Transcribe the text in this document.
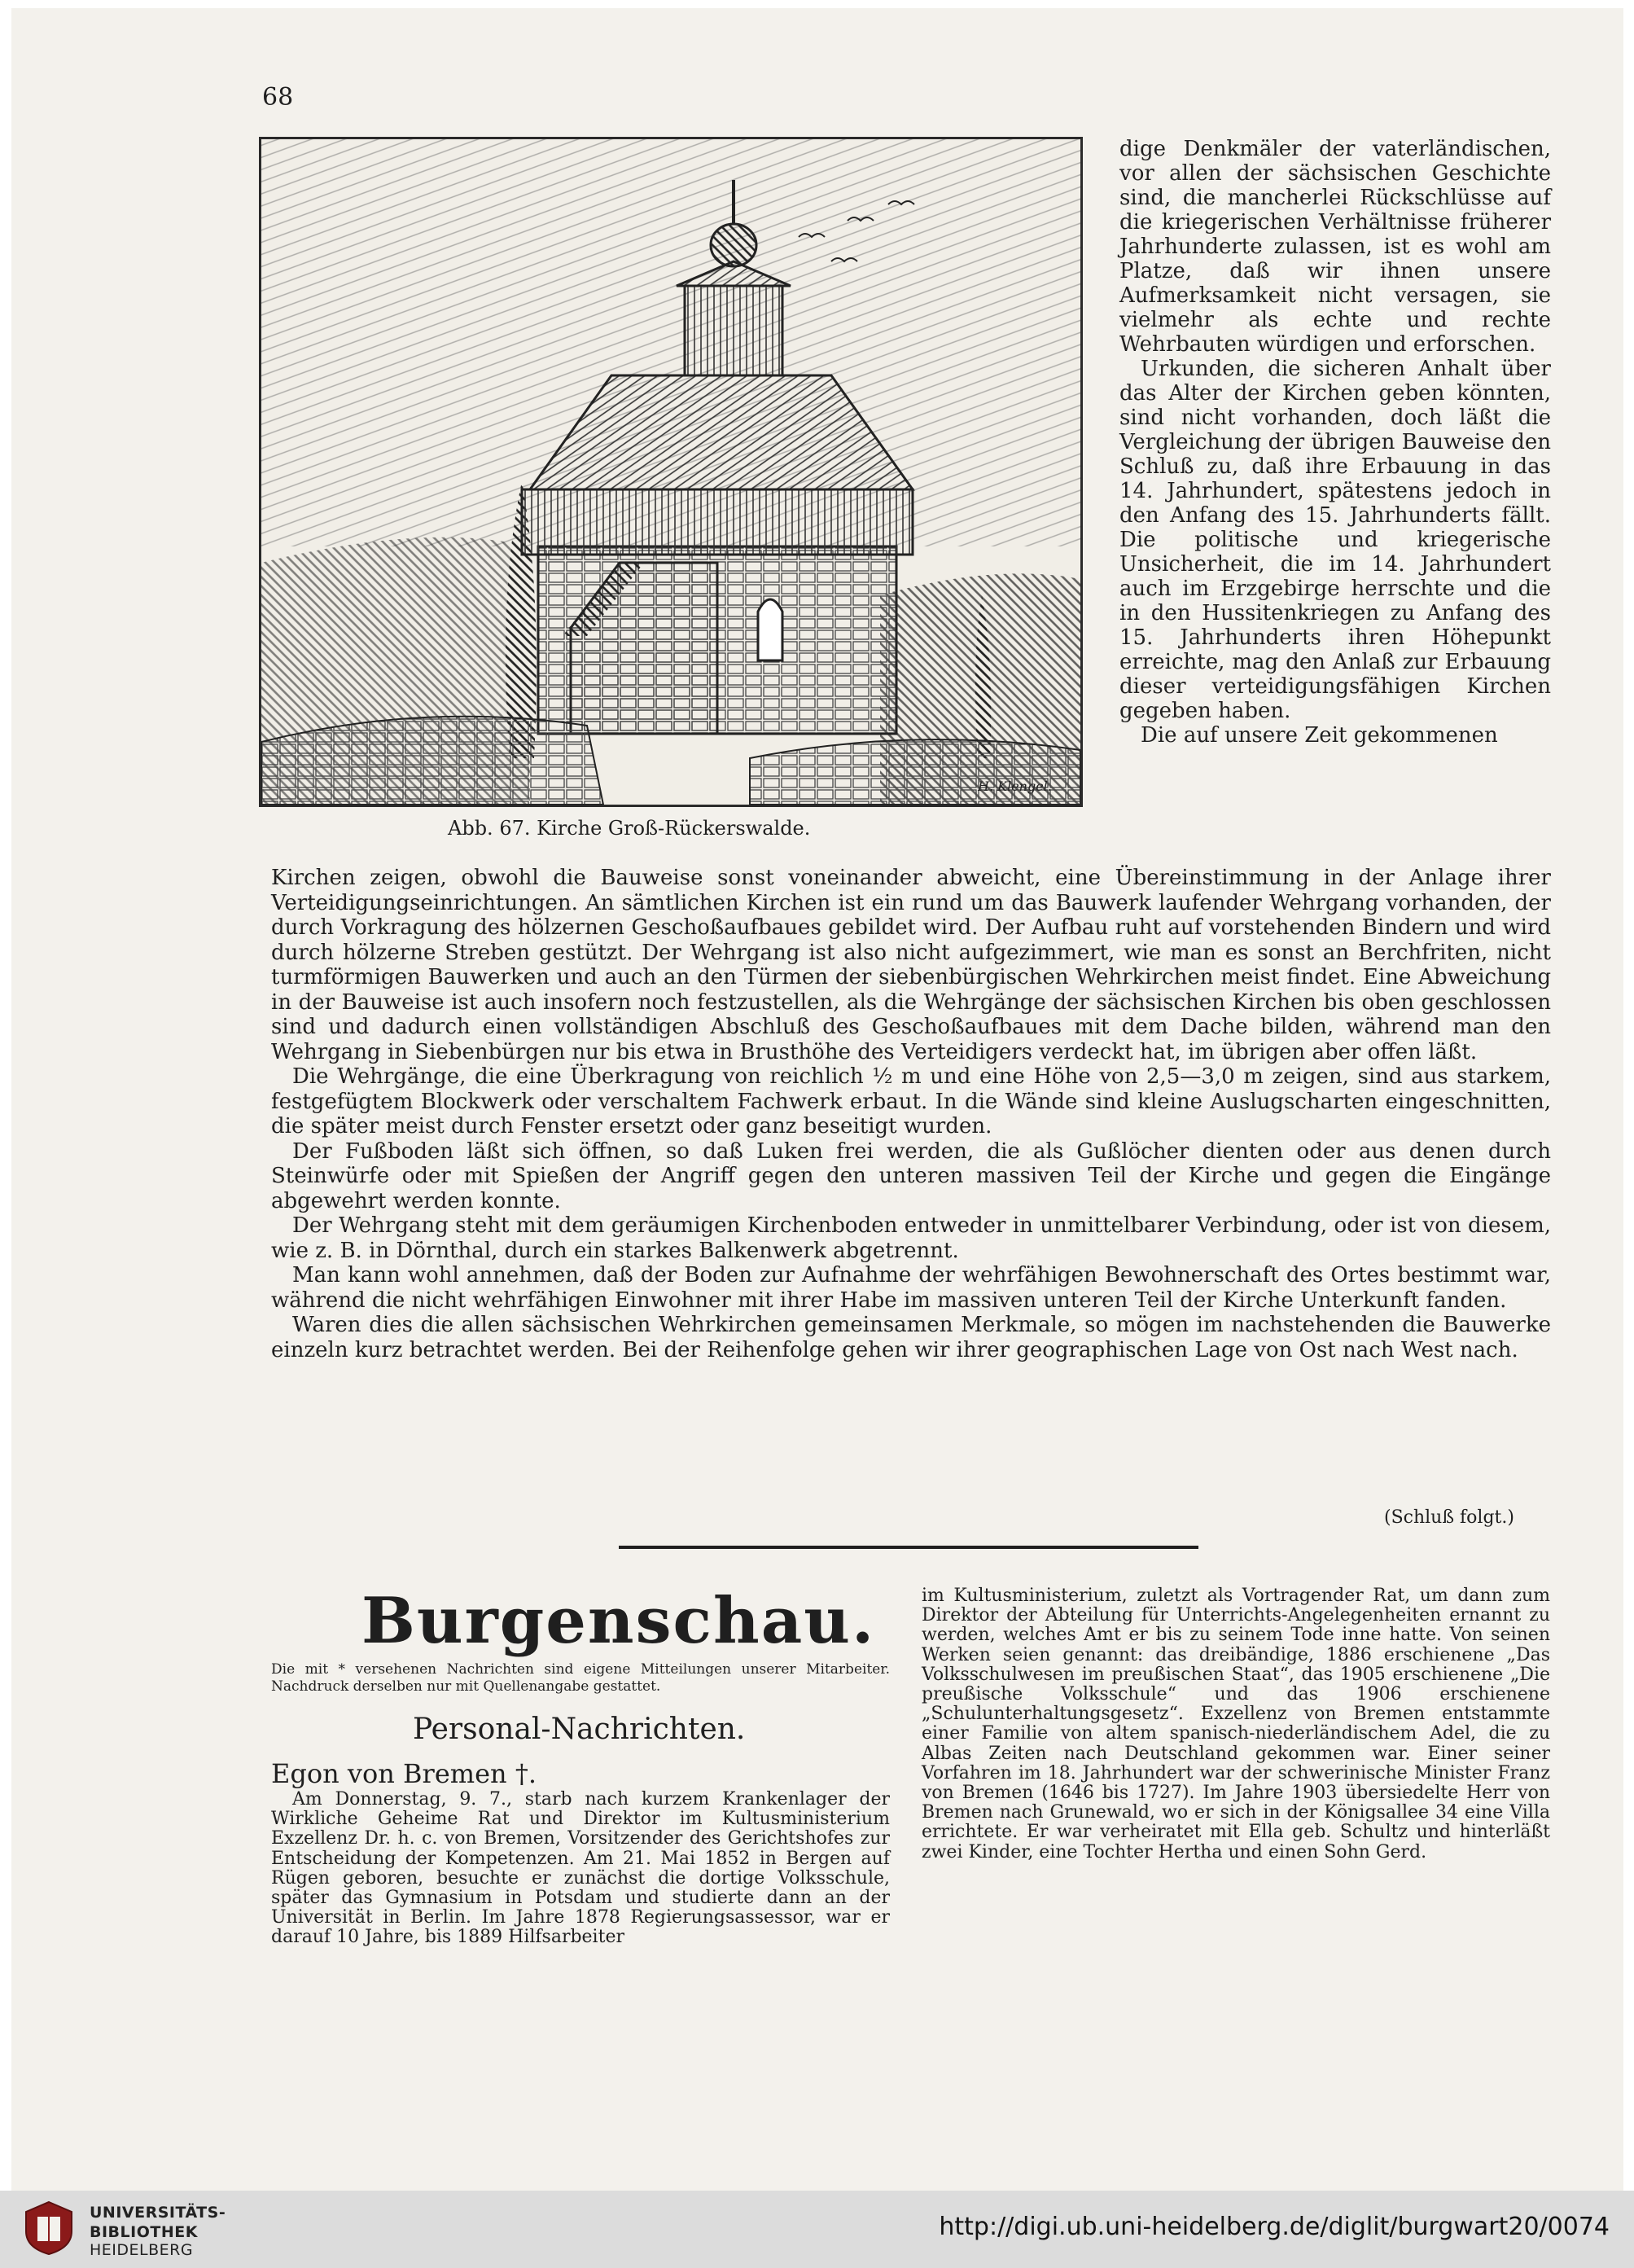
68
H. Klengel.
Abb. 67. Kirche Groß-Rückerswalde.

dige Denkmäler der vaterländischen, vor allen der sächsischen Geschichte sind, die mancherlei Rückschlüsse auf die kriegerischen Verhältnisse früherer Jahrhunderte zulassen, ist es wohl am Platze, daß wir ihnen unsere Aufmerksamkeit nicht versagen, sie vielmehr als echte und rechte Wehrbauten würdigen und erforschen.

Urkunden, die sicheren Anhalt über das Alter der Kirchen geben könnten, sind nicht vorhanden, doch läßt die Vergleichung der übrigen Bauweise den Schluß zu, daß ihre Erbauung in das 14. Jahrhundert, spätestens jedoch in den Anfang des 15. Jahrhunderts fällt. Die politische und kriegerische Unsicherheit, die im 14. Jahrhundert auch im Erzgebirge herrschte und die in den Hussitenkriegen zu Anfang des 15. Jahrhunderts ihren Höhepunkt erreichte, mag den Anlaß zur Erbauung dieser verteidigungsfähigen Kirchen gegeben haben.

Die auf unsere Zeit gekommenen

Kirchen zeigen, obwohl die Bauweise sonst voneinander abweicht, eine Übereinstimmung in der Anlage ihrer Verteidigungseinrichtungen. An sämtlichen Kirchen ist ein rund um das Bauwerk laufender Wehrgang vorhanden, der durch Vorkragung des hölzernen Geschoßaufbaues gebildet wird. Der Aufbau ruht auf vorstehenden Bindern und wird durch hölzerne Streben gestützt. Der Wehrgang ist also nicht aufgezimmert, wie man es sonst an Berchfriten, nicht turmförmigen Bauwerken und auch an den Türmen der siebenbürgischen Wehrkirchen meist findet. Eine Abweichung in der Bauweise ist auch insofern noch festzustellen, als die Wehrgänge der sächsischen Kirchen bis oben geschlossen sind und dadurch einen vollständigen Abschluß des Geschoßaufbaues mit dem Dache bilden, während man den Wehrgang in Siebenbürgen nur bis etwa in Brusthöhe des Verteidigers verdeckt hat, im übrigen aber offen läßt.

Die Wehrgänge, die eine Überkragung von reichlich ½ m und eine Höhe von 2,5—3,0 m zeigen, sind aus starkem, festgefügtem Blockwerk oder verschaltem Fachwerk erbaut. In die Wände sind kleine Auslugscharten eingeschnitten, die später meist durch Fenster ersetzt oder ganz beseitigt wurden.

Der Fußboden läßt sich öffnen, so daß Luken frei werden, die als Gußlöcher dienten oder aus denen durch Steinwürfe oder mit Spießen der Angriff gegen den unteren massiven Teil der Kirche und gegen die Eingänge abgewehrt werden konnte.

Der Wehrgang steht mit dem geräumigen Kirchenboden entweder in unmittelbarer Verbindung, oder ist von diesem, wie z. B. in Dörnthal, durch ein starkes Balkenwerk abgetrennt.

Man kann wohl annehmen, daß der Boden zur Aufnahme der wehrfähigen Bewohnerschaft des Ortes bestimmt war, während die nicht wehrfähigen Einwohner mit ihrer Habe im massiven unteren Teil der Kirche Unterkunft fanden.

Waren dies die allen sächsischen Wehrkirchen gemeinsamen Merkmale, so mögen im nachstehenden die Bauwerke einzeln kurz betrachtet werden. Bei der Reihenfolge gehen wir ihrer geographischen Lage von Ost nach West nach.

(Schluß folgt.)
Burgenschau.
Die mit * versehenen Nachrichten sind eigene Mitteilungen unserer Mitarbeiter. Nachdruck derselben nur mit Quellenangabe gestattet.
Personal-Nachrichten.
Egon von Bremen †.

Am Donnerstag, 9. 7., starb nach kurzem Krankenlager der Wirkliche Geheime Rat und Direktor im Kultusministerium Exzellenz Dr. h. c. von Bremen, Vorsitzender des Gerichtshofes zur Entscheidung der Kompetenzen. Am 21. Mai 1852 in Bergen auf Rügen geboren, besuchte er zunächst die dortige Volksschule, später das Gymnasium in Potsdam und studierte dann an der Universität in Berlin. Im Jahre 1878 Regierungsassessor, war er darauf 10 Jahre, bis 1889 Hilfsarbeiter

im Kultusministerium, zuletzt als Vortragender Rat, um dann zum Direktor der Abteilung für Unterrichts-Angelegenheiten ernannt zu werden, welches Amt er bis zu seinem Tode inne hatte. Von seinen Werken seien genannt: das dreibändige, 1886 erschienene „Das Volksschulwesen im preußischen Staat“, das 1905 erschienene „Die preußische Volksschule“ und das 1906 erschienene „Schulunterhaltungsgesetz“. Exzellenz von Bremen entstammte einer Familie von altem spanisch-niederländischem Adel, die zu Albas Zeiten nach Deutschland gekommen war. Einer seiner Vorfahren im 18. Jahrhundert war der schwerinische Minister Franz von Bremen (1646 bis 1727). Im Jahre 1903 übersiedelte Herr von Bremen nach Grunewald, wo er sich in der Königsallee 34 eine Villa errichtete. Er war verheiratet mit Ella geb. Schultz und hinterläßt zwei Kinder, eine Tochter Hertha und einen Sohn Gerd.

UNIVERSITÄTS-
BIBLIOTHEK
HEIDELBERG
http://digi.ub.uni-heidelberg.de/diglit/burgwart20/0074
